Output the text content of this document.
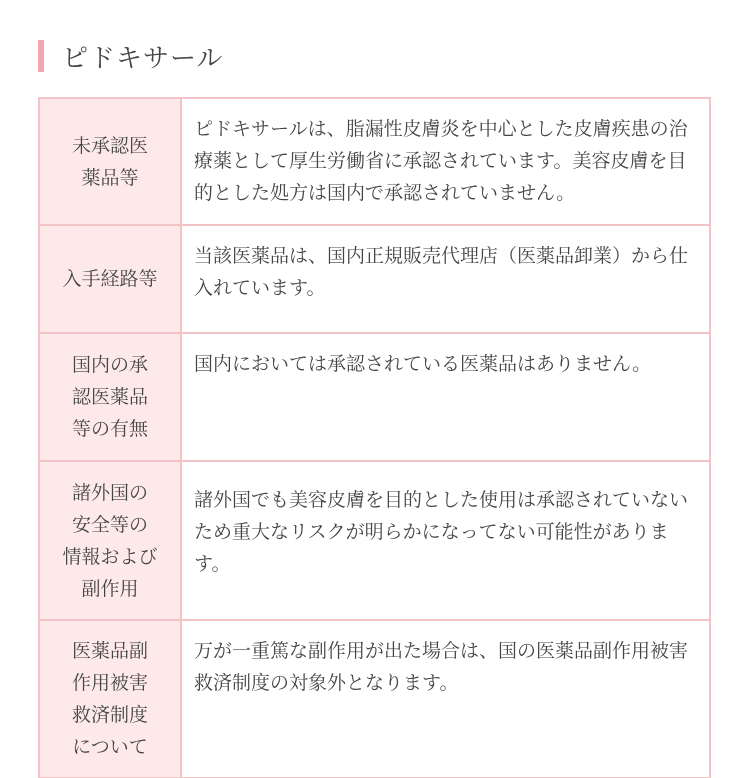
ピドキサール
未承認医
薬品等	ピドキサールは、脂漏性皮膚炎を中心とした皮膚疾患の治療薬として厚生労働省に承認されています。美容皮膚を目的とした処方は国内で承認されていません。

入手経路等	当該医薬品は、国内正規販売代理店（医薬品卸業）から仕入れています。

国内の承
認医薬品
等の有無	国内においては承認されている医薬品はありません。

諸外国の
安全等の
情報および
副作用	諸外国でも美容皮膚を目的とした使用は承認されていないため重大なリスクが明らかになってない可能性があります。

医薬品副
作用被害
救済制度
について	万が一重篤な副作用が出た場合は、国の医薬品副作用被害救済制度の対象外となります。
